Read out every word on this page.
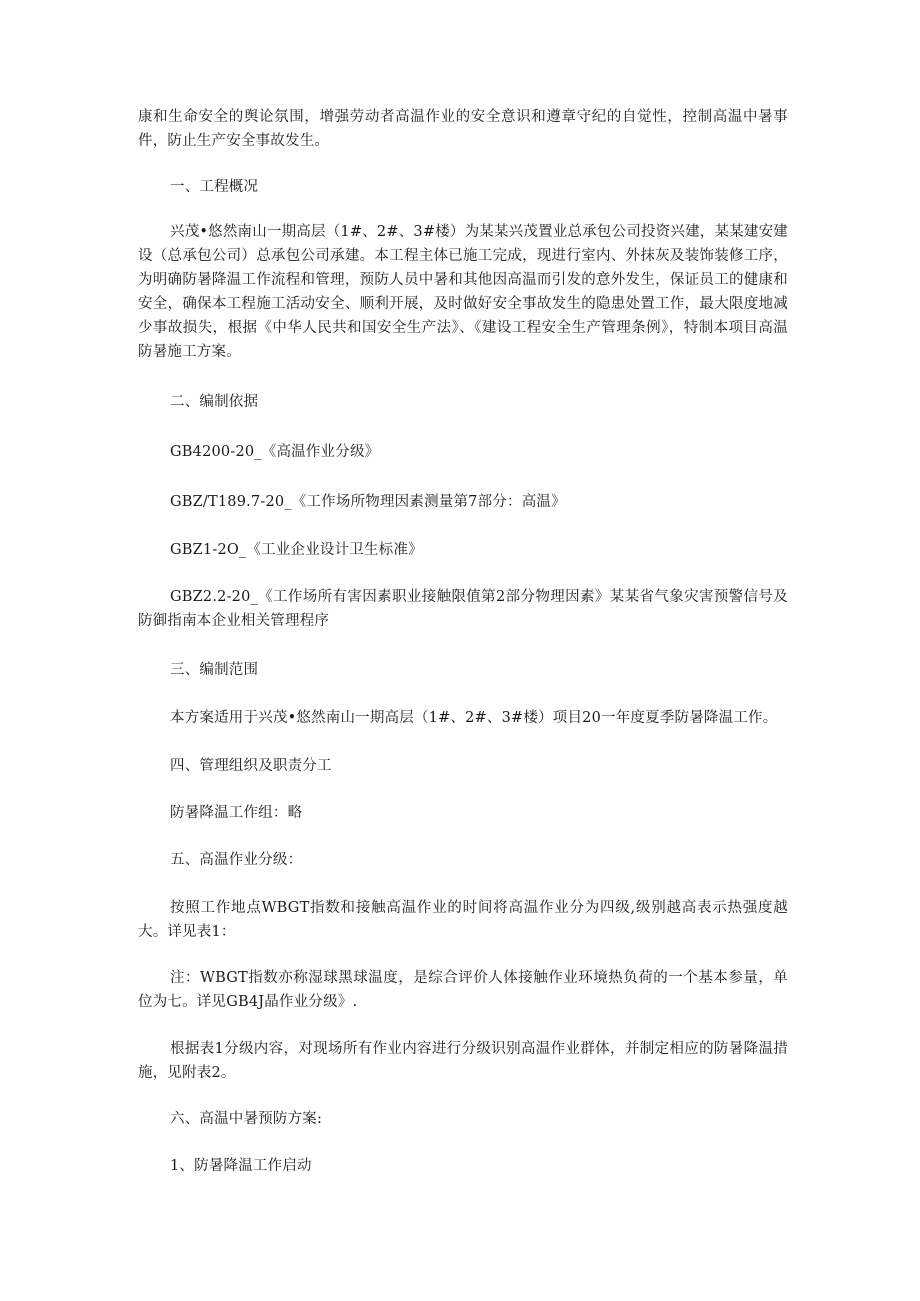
康和生命安全的舆论氛围，增强劳动者高温作业的安全意识和遵章守纪的自觉性，控制高温中暑事件，防止生产安全事故发生。

一、工程概况

兴茂•悠然南山一期高层（1#、2#、3#楼）为某某兴茂置业总承包公司投资兴建，某某建安建设（总承包公司）总承包公司承建。本工程主体已施工完成，现进行室内、外抹灰及装饰装修工序，为明确防暑降温工作流程和管理，预防人员中暑和其他因高温而引发的意外发生，保证员工的健康和安全，确保本工程施工活动安全、顺利开展，及时做好安全事故发生的隐患处置工作，最大限度地减少事故损失，根据《中华人民共和国安全生产法》、《建设工程安全生产管理条例》，特制本项目高温防暑施工方案。

二、编制依据

GB4200-20_《高温作业分级》

GBZ/T189.7-20_《工作场所物理因素测量第7部分：高温》

GBZ1-2O_《工业企业设计卫生标准》

GBZ2.2-20_《工作场所有害因素职业接触限值第2部分物理因素》某某省气象灾害预警信号及防御指南本企业相关管理程序

三、编制范围

本方案适用于兴茂•悠然南山一期高层（1#、2#、3#楼）项目20一年度夏季防暑降温工作。

四、管理组织及职责分工

防暑降温工作组：略

五、高温作业分级：

按照工作地点WBGT指数和接触高温作业的时间将高温作业分为四级,级别越高表示热强度越大。详见表1：

注：WBGT指数亦称湿球黑球温度，是综合评价人体接触作业环境热负荷的一个基本参量，单位为七。详见GB4J晶作业分级》.

根据表1分级内容，对现场所有作业内容进行分级识别高温作业群体，并制定相应的防暑降温措施，见附表2。

六、高温中暑预防方案:

1、防暑降温工作启动
